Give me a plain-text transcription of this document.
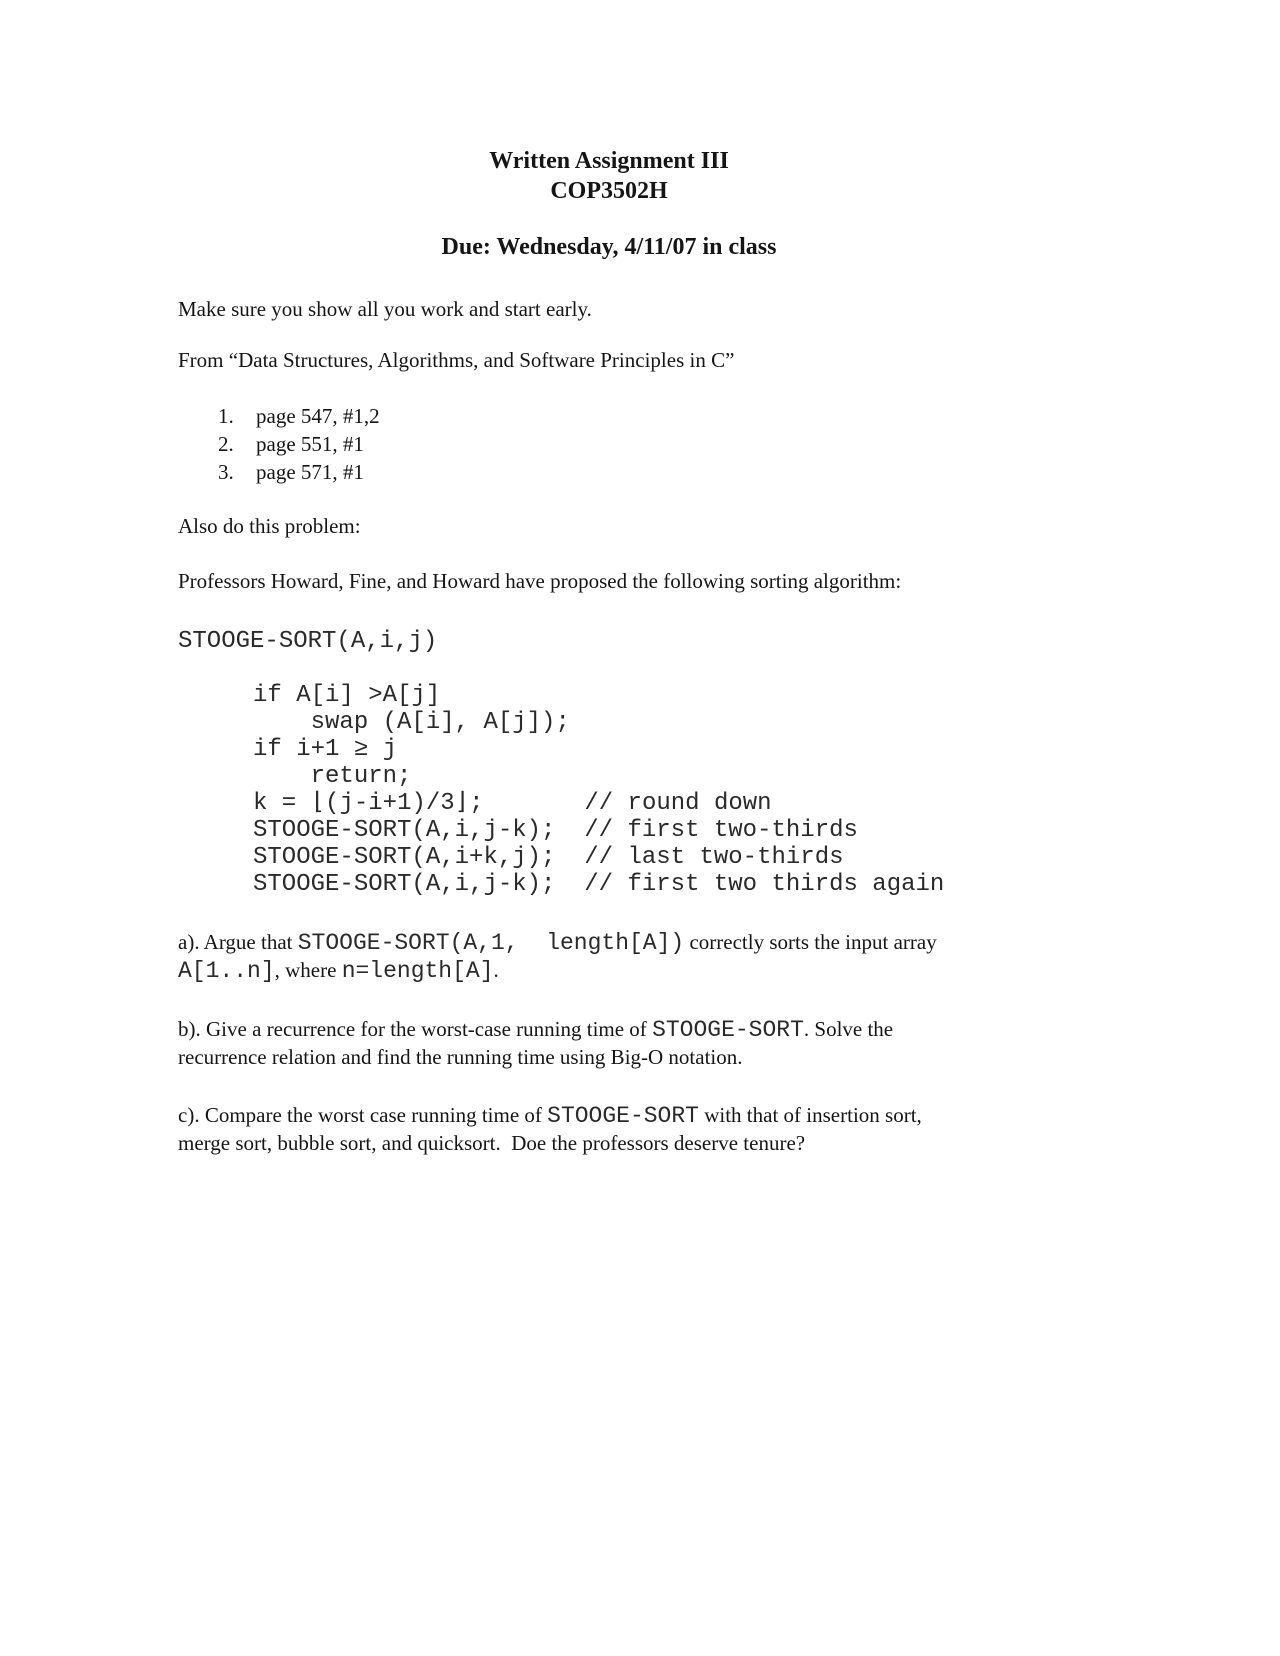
Written Assignment III
COP3502H
Due: Wednesday, 4/11/07 in class
Make sure you show all you work and start early.
From “Data Structures, Algorithms, and Software Principles in C”
1.	page 547, #1,2
2.	page 551, #1
3.	page 571, #1
Also do this problem:
Professors Howard, Fine, and Howard have proposed the following sorting algorithm:
STOOGE-SORT(A,i,j)
if A[i] >A[j]
swap (A[i], A[j]);
if i+1 ≥ j
return;
k = ⌊(j-i+1)/3⌋;       // round down
STOOGE-SORT(A,i,j-k);  // first two-thirds
STOOGE-SORT(A,i+k,j);  // last two-thirds
STOOGE-SORT(A,i,j-k);  // first two thirds again
a). Argue that STOOGE-SORT(A,1,  length[A]) correctly sorts the input array
A[1..n], where n=length[A].
b). Give a recurrence for the worst-case running time of STOOGE-SORT. Solve the
recurrence relation and find the running time using Big-O notation.
c). Compare the worst case running time of STOOGE-SORT with that of insertion sort,
merge sort, bubble sort, and quicksort.  Doe the professors deserve tenure?
